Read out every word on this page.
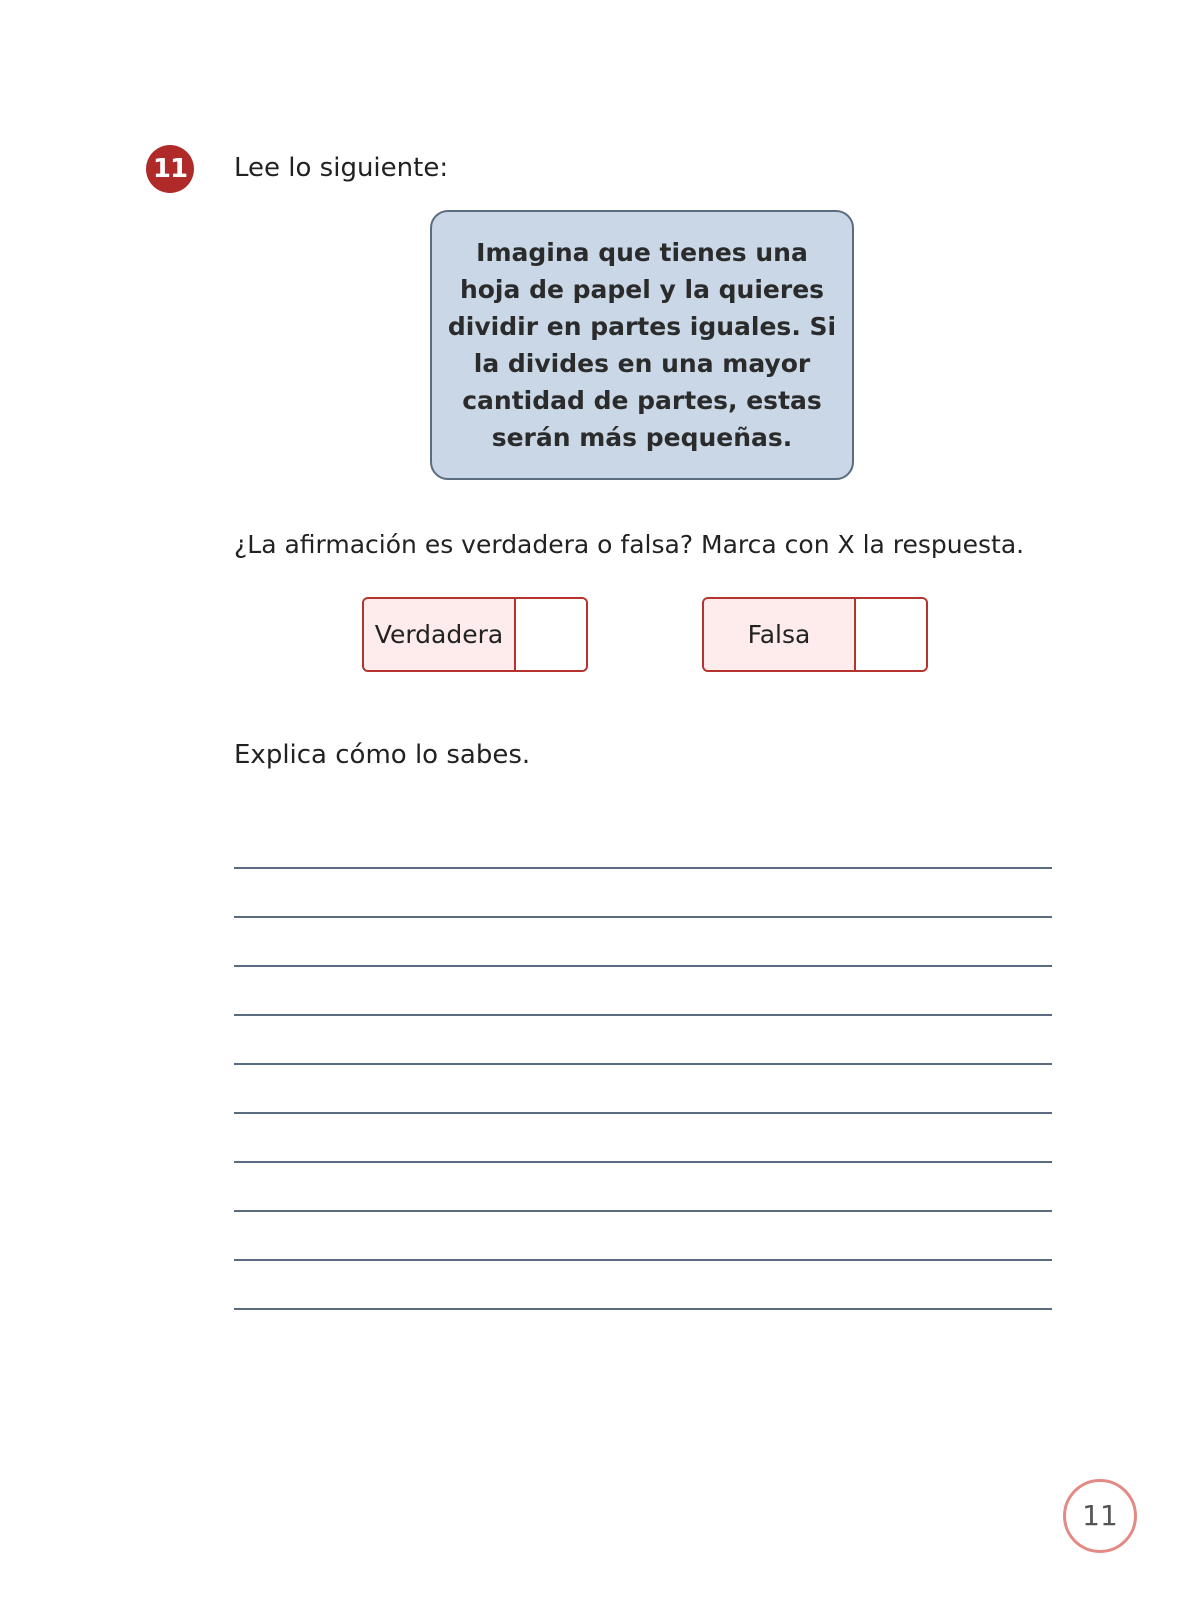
11 Lee lo siguiente:
Imagina que tienes una hoja de papel y la quieres dividir en partes iguales. Si la divides en una mayor cantidad de partes, estas serán más pequeñas.
¿La afirmación es verdadera o falsa? Marca con X la respuesta.
Verdadera	Falsa
Explica cómo lo sabes.
11
